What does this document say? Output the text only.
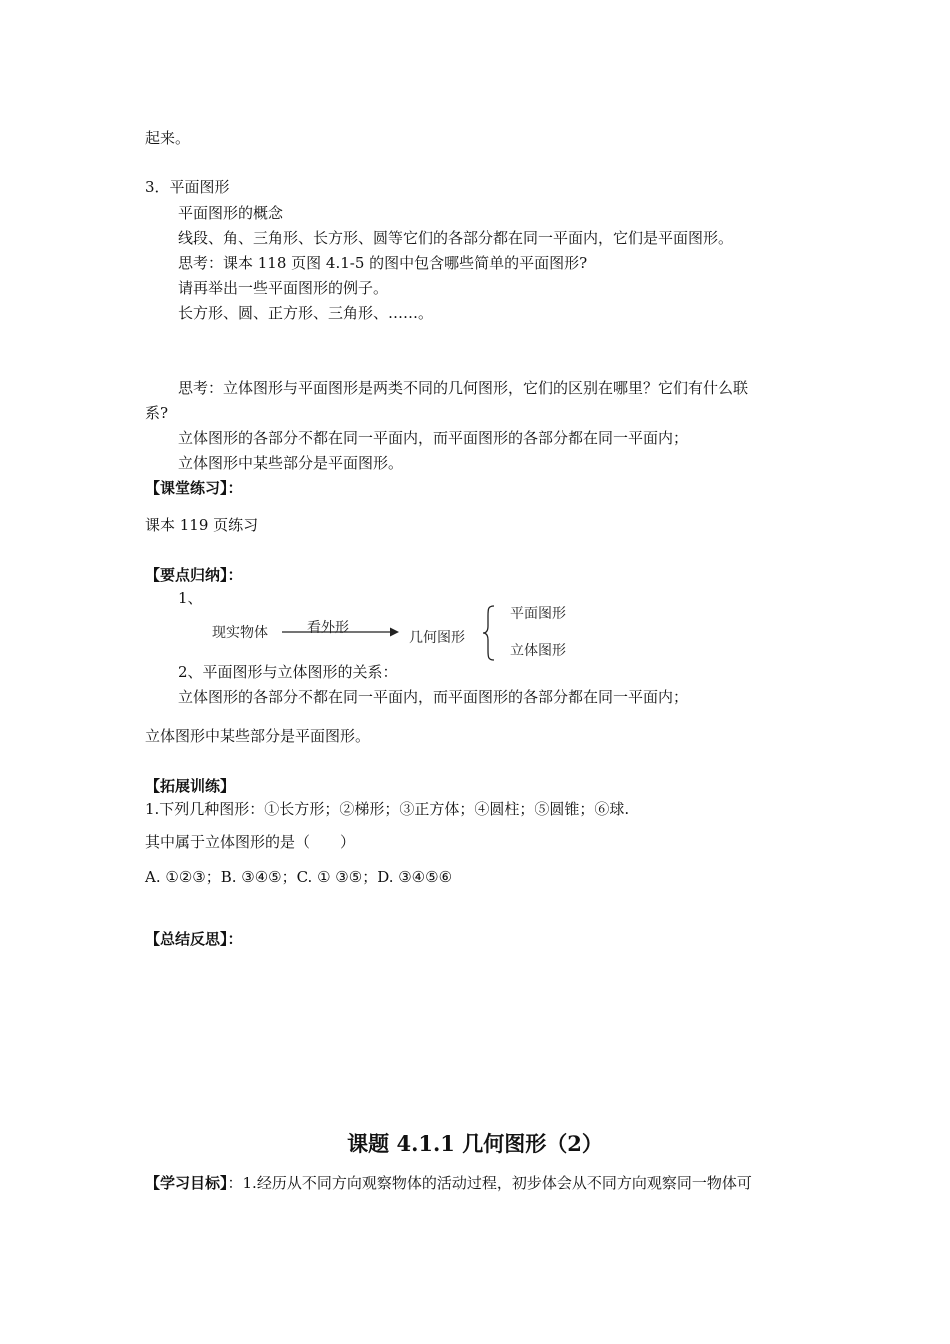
起来。
3．平面图形
平面图形的概念
线段、角、三角形、长方形、圆等它们的各部分都在同一平面内，它们是平面图形。
思考：课本 118 页图 4.1-5 的图中包含哪些简单的平面图形?
请再举出一些平面图形的例子。
长方形、圆、正方形、三角形、……。
思考：立体图形与平面图形是两类不同的几何图形，它们的区别在哪里？它们有什么联
系?
立体图形的各部分不都在同一平面内，而平面图形的各部分都在同一平面内；
立体图形中某些部分是平面图形。
【课堂练习】：
课本 119 页练习
【要点归纳】：
1、
现实物体	看外形
几何图形
平面图形
立体图形
2、平面图形与立体图形的关系：
立体图形的各部分不都在同一平面内，而平面图形的各部分都在同一平面内；
立体图形中某些部分是平面图形。
【拓展训练】
1.下列几种图形：①长方形；②梯形；③正方体；④圆柱；⑤圆锥；⑥球.
其中属于立体图形的是（　　）
A. ①②③；B. ③④⑤；C. ① ③⑤；D. ③④⑤⑥
【总结反思】：
课题 4.1.1 几何图形（2）
【学习目标】：1.经历从不同方向观察物体的活动过程，初步体会从不同方向观察同一物体可
